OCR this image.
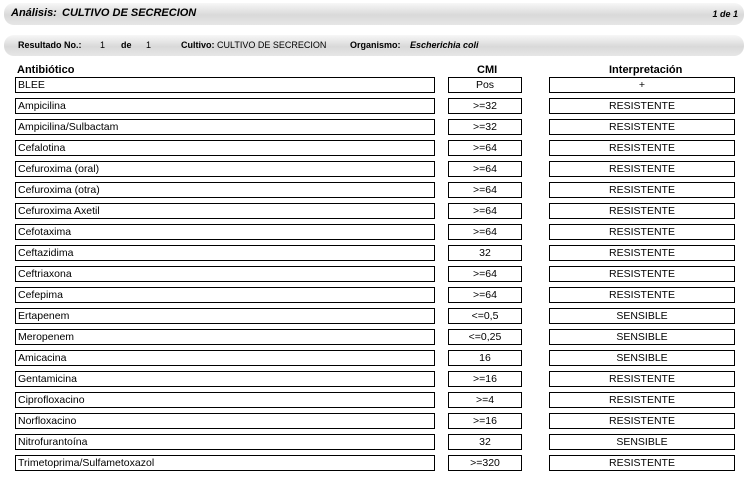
Análisis: CULTIVO DE SECRECION	1 de 1
Resultado No.: 1 de 1	Cultivo: CULTIVO DE SECRECION	Organismo: Escherichia coli
Antibiótico	CMI	Interpretación
BLEE	Pos	+
Ampicilina	>=32	RESISTENTE
Ampicilina/Sulbactam	>=32	RESISTENTE
Cefalotina	>=64	RESISTENTE
Cefuroxima (oral)	>=64	RESISTENTE
Cefuroxima (otra)	>=64	RESISTENTE
Cefuroxima Axetil	>=64	RESISTENTE
Cefotaxima	>=64	RESISTENTE
Ceftazidima	32	RESISTENTE
Ceftriaxona	>=64	RESISTENTE
Cefepima	>=64	RESISTENTE
Ertapenem	<=0,5	SENSIBLE
Meropenem	<=0,25	SENSIBLE
Amicacina	16	SENSIBLE
Gentamicina	>=16	RESISTENTE
Ciprofloxacino	>=4	RESISTENTE
Norfloxacino	>=16	RESISTENTE
Nitrofurantoína	32	SENSIBLE
Trimetoprima/Sulfametoxazol	>=320	RESISTENTE
